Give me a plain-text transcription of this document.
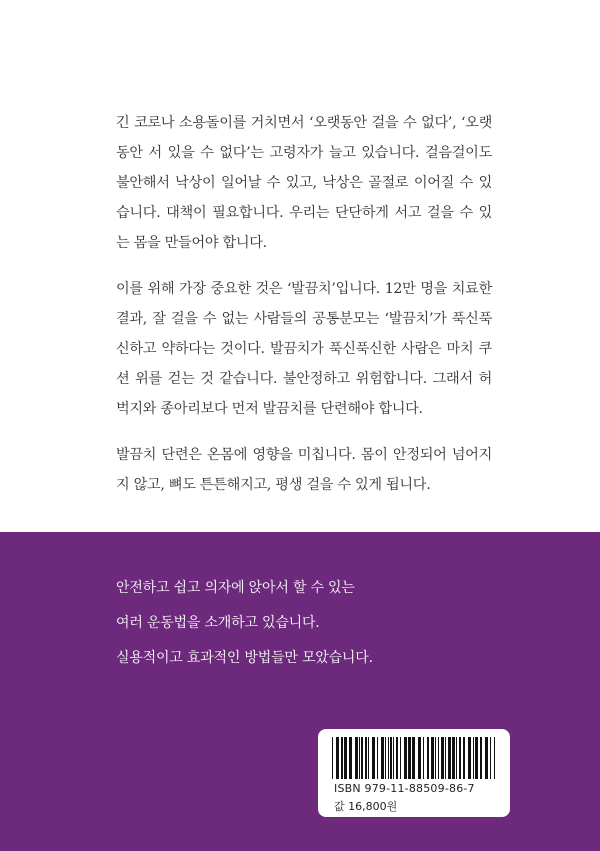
긴 코로나 소용돌이를 거치면서 ‘오랫동안 걸을 수 없다’, ‘오랫동안 서 있을 수 없다’는 고령자가 늘고 있습니다. 걸음걸이도 불안해서 낙상이 일어날 수 있고, 낙상은 골절로 이어질 수 있습니다. 대책이 필요합니다. 우리는 단단하게 서고 걸을 수 있는 몸을 만들어야 합니다.

이를 위해 가장 중요한 것은 ‘발끔치’입니다. 12만 명을 치료한 결과, 잘 걸을 수 없는 사람들의 공통분모는 ‘발끔치’가 푹신푹신하고 약하다는 것이다. 발끔치가 푹신푹신한 사람은 마치 쿠션 위를 걷는 것 같습니다. 불안정하고 위험합니다. 그래서 허벅지와 종아리보다 먼저 발끔치를 단련해야 합니다.

발끔치 단련은 온몸에 영향을 미칩니다. 몸이 안정되어 넘어지지 않고, 뼈도 튼튼해지고, 평생 걸을 수 있게 됩니다.

안전하고 쉽고 의자에 앉아서 할 수 있는
여러 운동법을 소개하고 있습니다.
실용적이고 효과적인 방법들만 모았습니다.
ISBN 979-11-88509-86-7
값 16,800원
